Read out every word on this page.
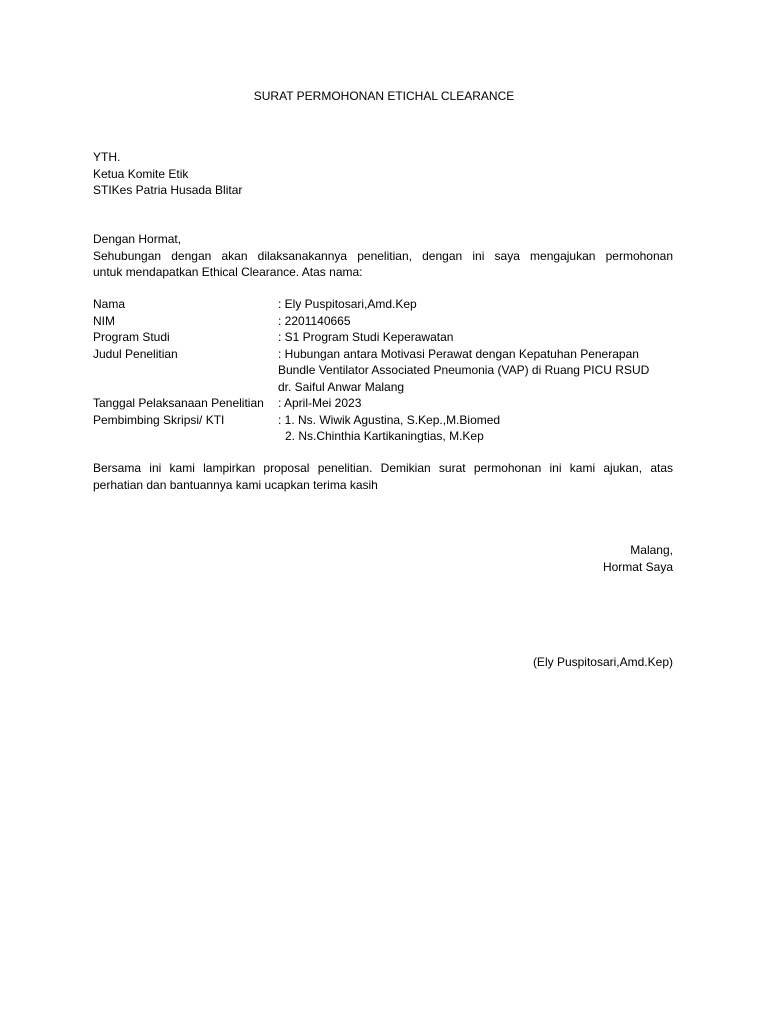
SURAT PERMOHONAN ETICHAL CLEARANCE
YTH.
Ketua Komite Etik
STIKes Patria Husada Blitar
Dengan Hormat,
Sehubungan dengan akan dilaksanakannya penelitian, dengan ini saya mengajukan permohonan
untuk mendapatkan Ethical Clearance. Atas nama:
Nama	: Ely Puspitosari,Amd.Kep
NIM	: 2201140665
Program Studi	: S1 Program Studi Keperawatan
Judul Penelitian	: Hubungan antara Motivasi Perawat dengan Kepatuhan Penerapan
Bundle Ventilator Associated Pneumonia (VAP) di Ruang PICU RSUD
dr. Saiful Anwar Malang
Tanggal Pelaksanaan Penelitian	: April-Mei 2023
Pembimbing Skripsi/ KTI	: 1. Ns. Wiwik Agustina, S.Kep.,M.Biomed
2. Ns.Chinthia Kartikaningtias, M.Kep
Bersama ini kami lampirkan proposal penelitian. Demikian surat permohonan ini kami ajukan, atas
perhatian dan bantuannya kami ucapkan terima kasih
Malang,
Hormat Saya
(Ely Puspitosari,Amd.Kep)
